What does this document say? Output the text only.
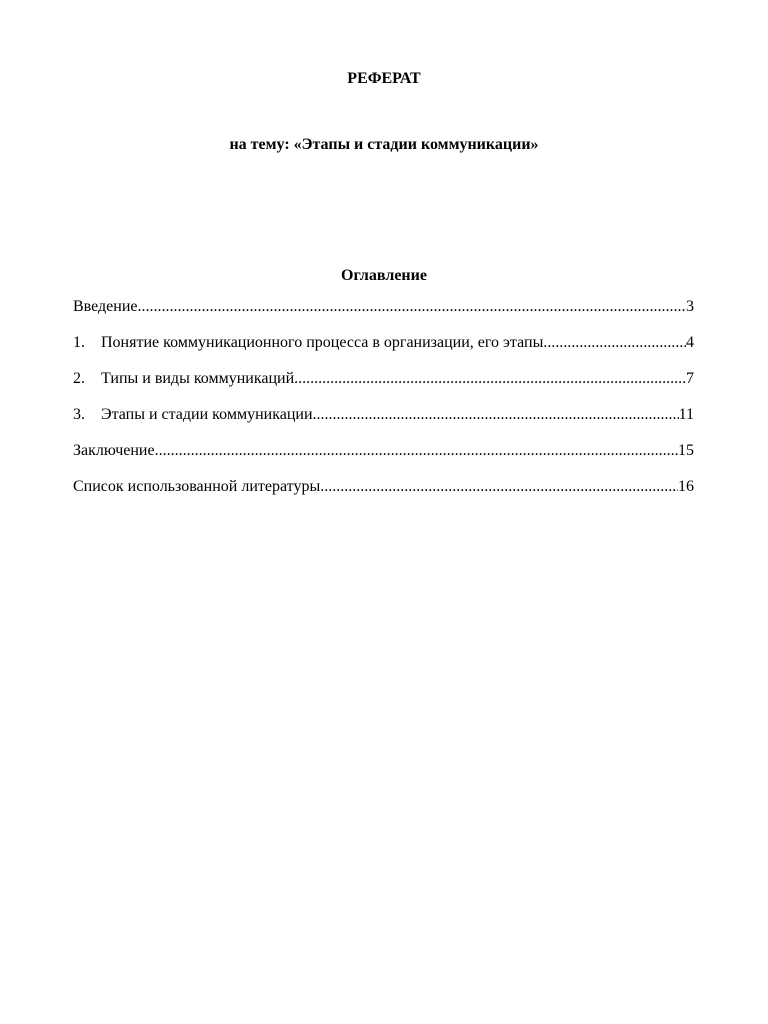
РЕФЕРАТ
на тему: «Этапы и стадии коммуникации»
Оглавление
Введение .....	3
1.	Понятие коммуникационного процесса в организации, его этапы .....	4
2.	Типы и виды коммуникаций .....	7
3.	Этапы и стадии коммуникации .....	11
Заключение .....	15
Список использованной литературы .....	16
